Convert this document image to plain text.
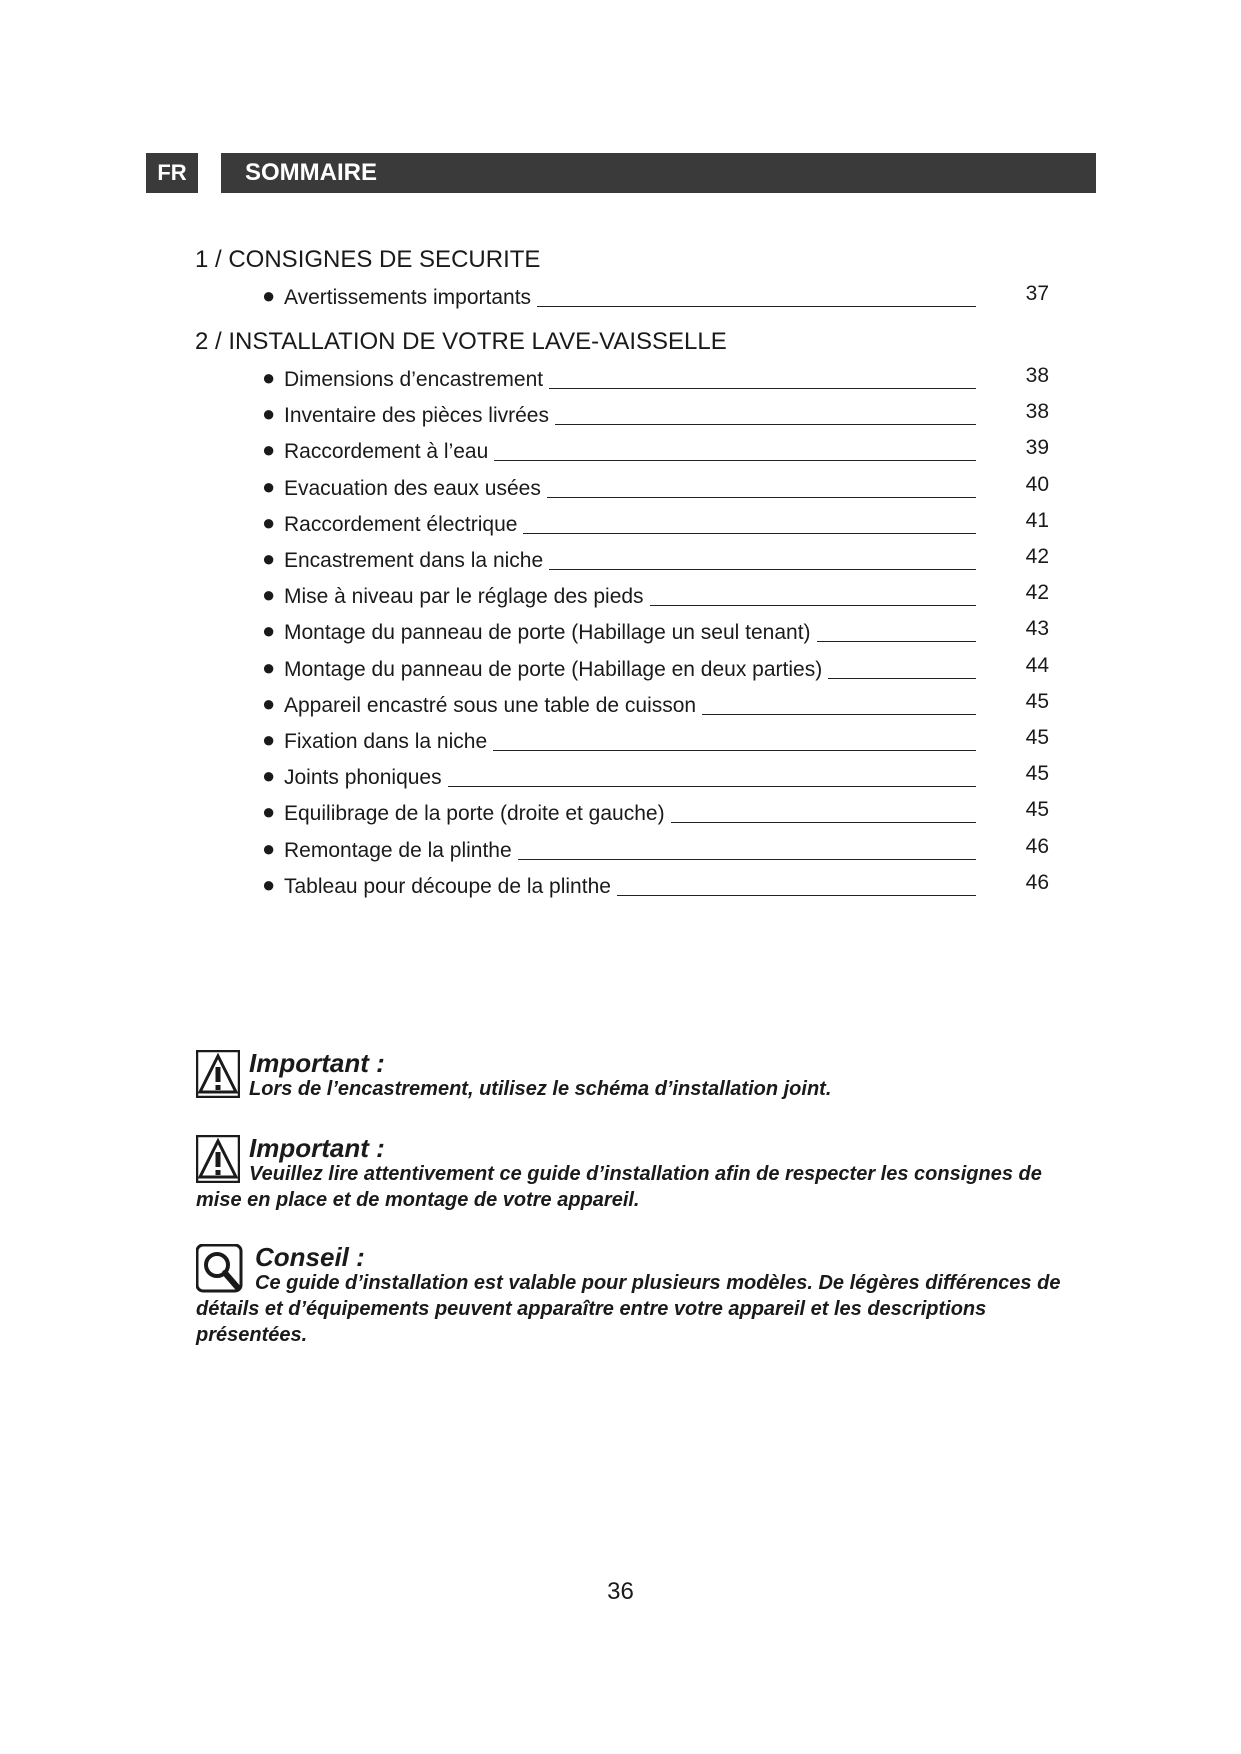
FR	SOMMAIRE
1 / CONSIGNES DE SECURITE
● Avertissements importants	37
2 / INSTALLATION DE VOTRE LAVE-VAISSELLE
● Dimensions d’encastrement	38
● Inventaire des pièces livrées	38
● Raccordement à l’eau	39
● Evacuation des eaux usées	40
● Raccordement électrique	41
● Encastrement dans la niche	42
● Mise à niveau par le réglage des pieds	42
● Montage du panneau de porte (Habillage un seul tenant)	43
● Montage du panneau de porte (Habillage en deux parties)	44
● Appareil encastré sous une table de cuisson	45
● Fixation dans la niche	45
● Joints phoniques	45
● Equilibrage de la porte (droite et gauche)	45
● Remontage de la plinthe	46
● Tableau pour découpe de la plinthe	46
Important :
Lors de l’encastrement, utilisez le schéma d’installation joint.
Important :
Veuillez lire attentivement ce guide d’installation afin de respecter les consignes de mise en place et de montage de votre appareil.
Conseil :
Ce guide d’installation est valable pour plusieurs modèles. De légères différences de détails et d’équipements peuvent apparaître entre votre appareil et les descriptions présentées.
36
